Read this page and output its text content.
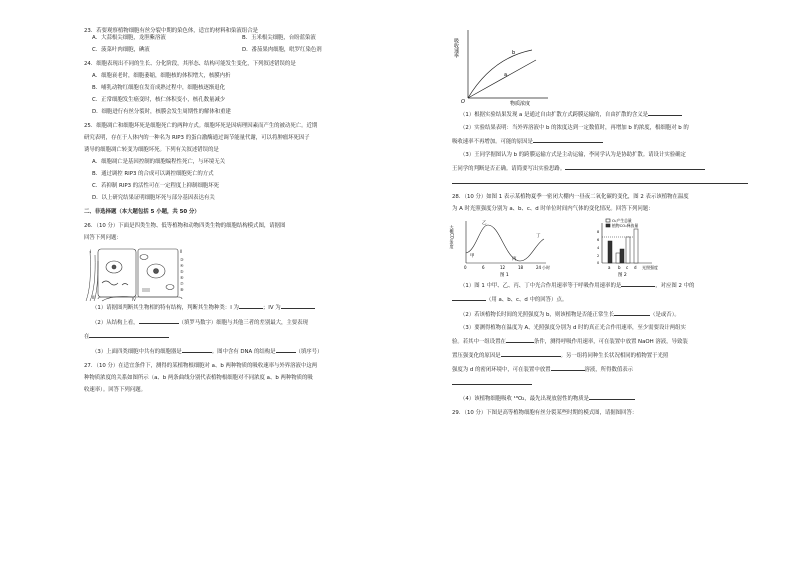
23．若要观察植物细胞有丝分裂中期的染色体，适宜的材料和染液组合是
A．大蒜根尖细胞，龙胆紫溶液	B．玉米根尖细胞，台盼蓝染液
C．菠菜叶肉细胞，碘液	D．番茄果肉细胞，吡罗红染色剂
24．细胞表现出不同的生长、分化阶段，其形态、结构可能发生变化，下列叙述错误的是
A．细胞衰老时，细胞萎缩，细胞核的体积增大，核膜内折
B．哺乳动物红细胞在发育成熟过程中，细胞核逐渐退化
C．正常细胞发生癌变时，核仁体积变小，核孔数量减少
D．细胞进行有丝分裂时，核膜会发生周期性的解体和重建
25．细胞凋亡和细胞坏死是细胞死亡的两种方式。细胞坏死是因病理因素而产生的被动死亡。近期
研究表明，存在于人体内的一种名为 RIP3 的蛋白激酶通过调节能量代谢，可以将肿瘤坏死因子
诱导的细胞凋亡转变为细胞坏死。下列有关叙述错误的是
A．细胞凋亡是基因控制的细胞编程性死亡，与环境无关
B．通过调控 RIP3 的合成可以调控细胞死亡的方式
C．若抑制 RIP3 的活性可在一定程度上抑制细胞坏死
D．以上研究结果证明细胞坏死与部分基因表达有关
二、非选择题（本大题包括 5 小题，共 50 分）
26．（10 分）下面是四类生物、低等植物和动物四类生物的细胞结构模式图，请据图
回答下列问题：
I	II
③
④
⑤
⑥
⑦
⑧
III	IV
（1）请据图判断其生物相的特有结构，判断其生物种类：I 为	；IV 为
（2）从结构上看，	（填罗马数字）细胞与其他三者的差别最大，主要表现
在
（3）上面四类细胞中共有的细胞器是	。图中含有 DNA 的结构是	（填序号）
27．（10 分）在适宜条件下，测得的某植物根细胞对 a、b 两种物质的吸收速率与外界溶液中这两
种物质浓度的关系如图所示（a、b 两条曲线分别代表植物根细胞对不同浓度 a、b 两种物质的吸
收速率）。回答下列问题。
吸收速率
物质浓度
O
a
b
（1）根据实验结果发现 a 是通过自由扩散方式跨膜运输的，自由扩散的含义是
（2）实验结果表明：当外界溶液中 b 的浓度达到一定数值时，再增加 b 的浓度，根细胞对 b 的
吸收速率不再增加。可能的原因是
（3）王同学据图认为 b 的跨膜运输方式是主动运输，李同学认为是协助扩散。请设计实验确定
王同学的判断是否正确。请简要写出实验思路。
28．（10 分）如图 1 表示某植物夏季一密闭大棚内一昼夜二氧化碳的变化，图 2 表示该植物在温度
为 A 时光照强度分别为 a、b、c、d 时单位时间内气体的变化情况。回答下列问题：
大棚CO₂浓度
乙
丁
甲
丙
0	6	12	18	24 小时
图 1
O₂产生总量
植物CO₂释放量
8
6
4
2
0
a b c d 光照强度
图 2
（1）图 1 中甲、乙、丙、丁中光合作用速率等于呼吸作用速率的是	，对应图 2 中的
（用 a、b、c、d 中的回答）点。
（2）若该植物长时间的光照强度为 b，则该植物是否能正常生长	（是或否）。
（3）要测得植物在温度为 A、光照强度分别为 d 时的真正光合作用速率，至少需要设计两组实
验。若其中一组设置在	条件，测得呼吸作用速率，可在装置中放置 NaOH 溶液，导致装
置压强变化的原因是	。另一组将同种生长状况相同的植物置于光照
强度为 d 的密闭环境中，可在装置中放置	溶液，所得数值表示
（4）该植物细胞吸收 ¹⁸O₂，最先出现放射性的物质是
29．（10 分）下图是高等植物细胞有丝分裂某些时期的模式图，请据图回答：
